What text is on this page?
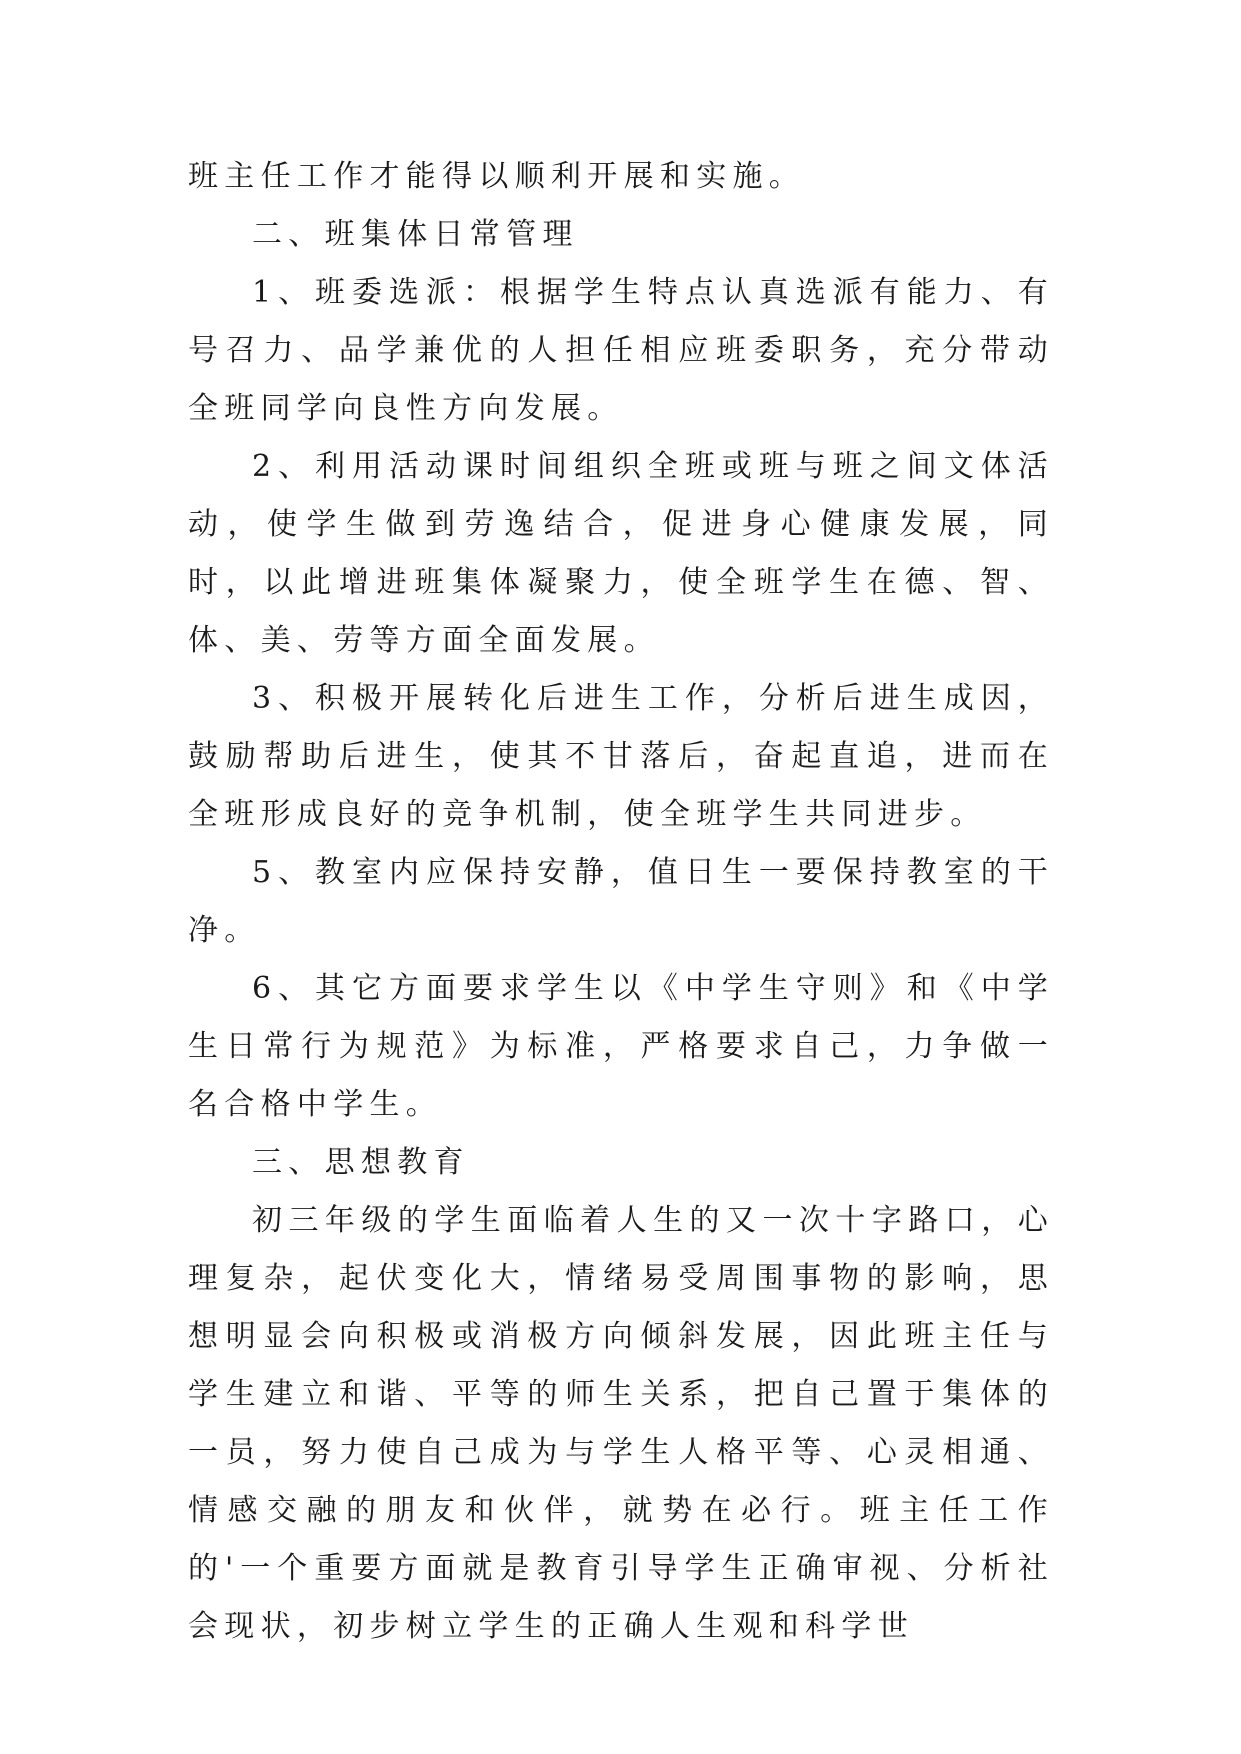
班主任工作才能得以顺利开展和实施。

二、班集体日常管理

1、班委选派：根据学生特点认真选派有能力、有号召力、品学兼优的人担任相应班委职务，充分带动全班同学向良性方向发展。

2、利用活动课时间组织全班或班与班之间文体活动，使学生做到劳逸结合，促进身心健康发展，同时，以此增进班集体凝聚力，使全班学生在德、智、体、美、劳等方面全面发展。

3、积极开展转化后进生工作，分析后进生成因，鼓励帮助后进生，使其不甘落后，奋起直追，进而在全班形成良好的竞争机制，使全班学生共同进步。

5、教室内应保持安静，值日生一要保持教室的干净。

6、其它方面要求学生以《中学生守则》和《中学生日常行为规范》为标准，严格要求自己，力争做一名合格中学生。

三、思想教育

初三年级的学生面临着人生的又一次十字路口，心理复杂，起伏变化大，情绪易受周围事物的影响，思想明显会向积极或消极方向倾斜发展，因此班主任与学生建立和谐、平等的师生关系，把自己置于集体的一员，努力使自己成为与学生人格平等、心灵相通、情感交融的朋友和伙伴，就势在必行。班主任工作的'一个重要方面就是教育引导学生正确审视、分析社会现状，初步树立学生的正确人生观和科学世
